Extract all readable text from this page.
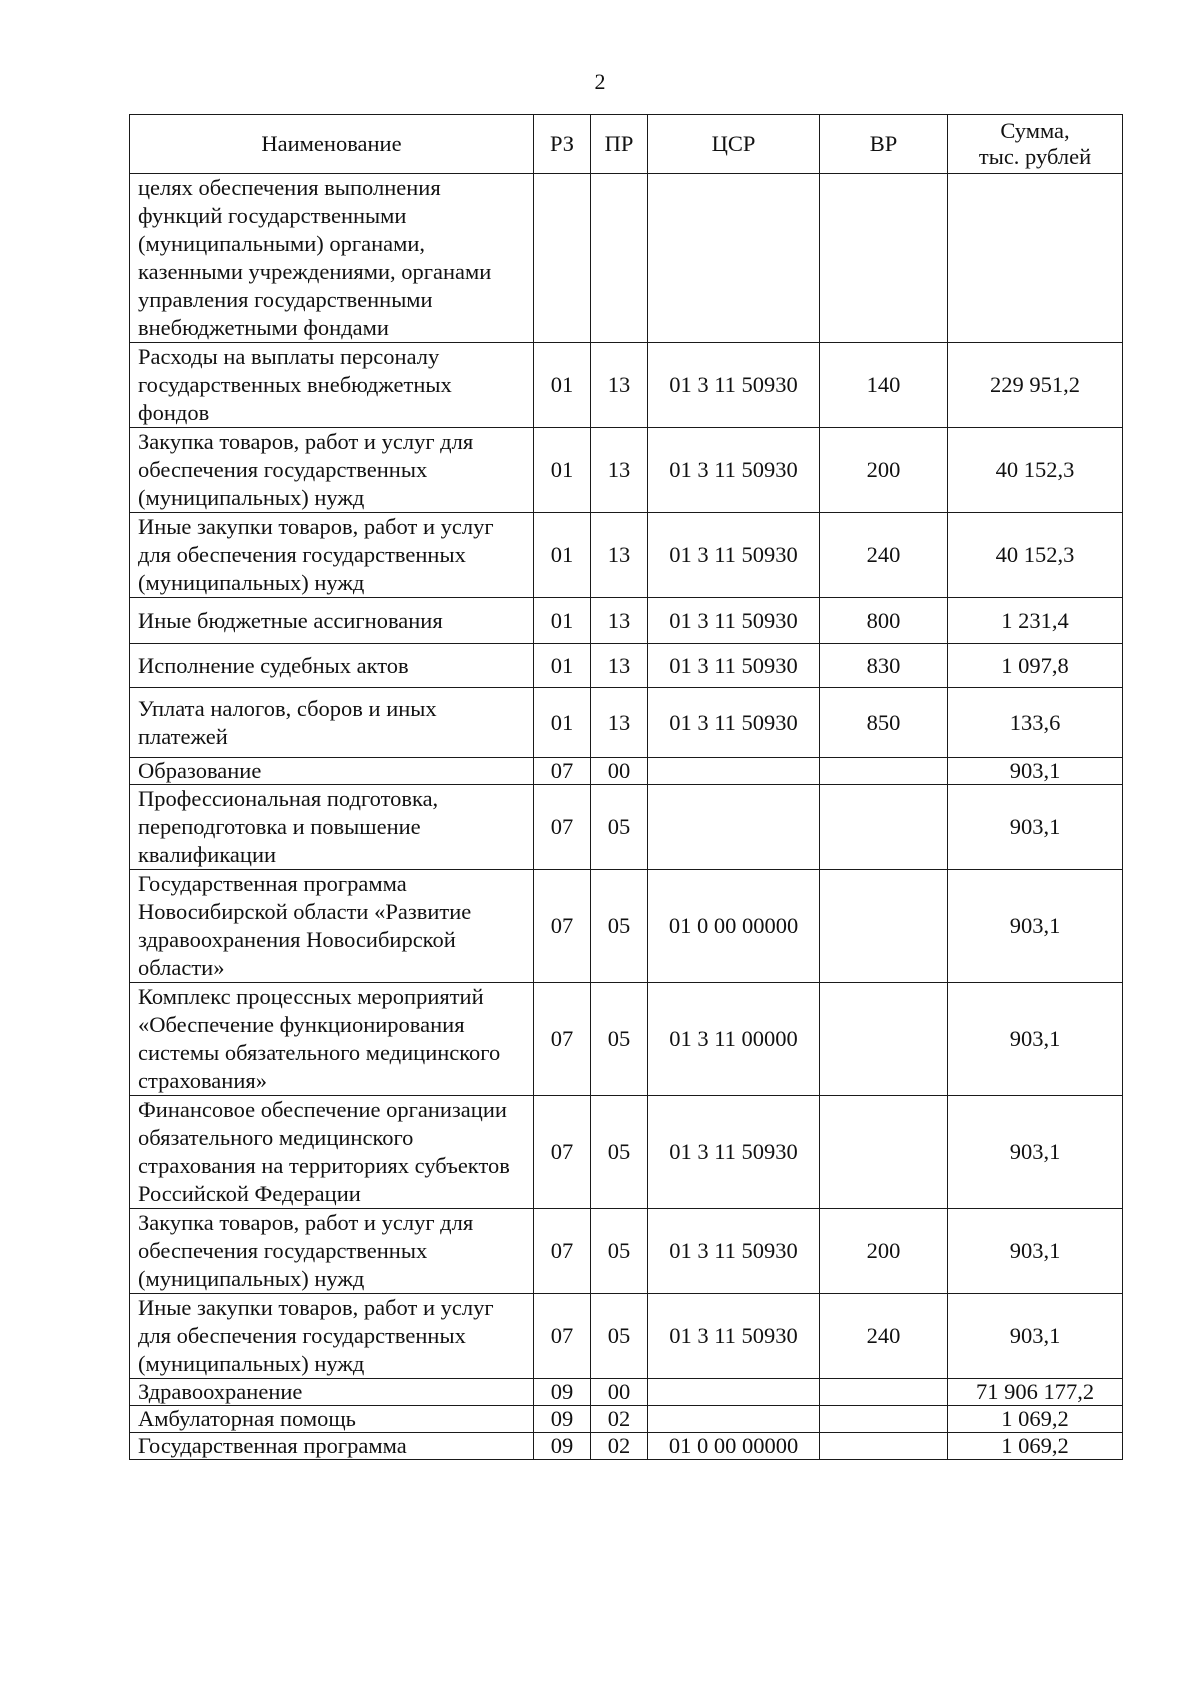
2
Наименование	РЗ	ПР	ЦСР	ВР	Сумма,
тыс. рублей
целях обеспечения выполнения функций государственными (муниципальными) органами, казенными учреждениями, органами управления государственными внебюджетными фондами					
Расходы на выплаты персоналу государственных внебюджетных фондов	01	13	01 3 11 50930	140	229 951,2
Закупка товаров, работ и услуг для обеспечения государственных (муниципальных) нужд	01	13	01 3 11 50930	200	40 152,3
Иные закупки товаров, работ и услуг для обеспечения государственных (муниципальных) нужд	01	13	01 3 11 50930	240	40 152,3
Иные бюджетные ассигнования	01	13	01 3 11 50930	800	1 231,4
Исполнение судебных актов	01	13	01 3 11 50930	830	1 097,8
Уплата налогов, сборов и иных платежей	01	13	01 3 11 50930	850	133,6
Образование	07	00			903,1
Профессиональная подготовка, переподготовка и повышение квалификации	07	05			903,1
Государственная программа Новосибирской области «Развитие здравоохранения Новосибирской области»	07	05	01 0 00 00000		903,1
Комплекс процессных мероприятий «Обеспечение функционирования системы обязательного медицинского страхования»	07	05	01 3 11 00000		903,1
Финансовое обеспечение организации обязательного медицинского страхования на территориях субъектов Российской Федерации	07	05	01 3 11 50930		903,1
Закупка товаров, работ и услуг для обеспечения государственных (муниципальных) нужд	07	05	01 3 11 50930	200	903,1
Иные закупки товаров, работ и услуг для обеспечения государственных (муниципальных) нужд	07	05	01 3 11 50930	240	903,1
Здравоохранение	09	00			71 906 177,2
Амбулаторная помощь	09	02			1 069,2
Государственная программа	09	02	01 0 00 00000		1 069,2
